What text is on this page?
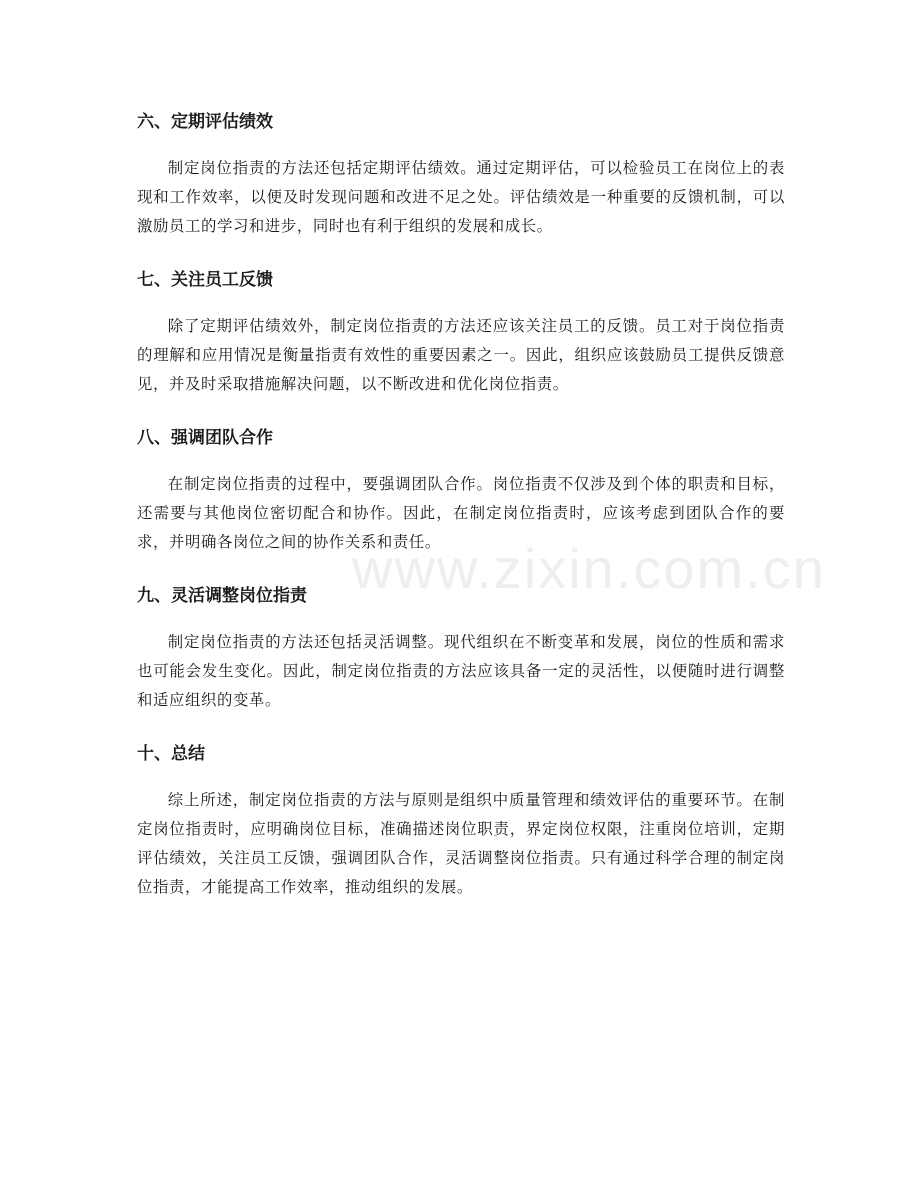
六、定期评估绩效

制定岗位指责的方法还包括定期评估绩效。通过定期评估，可以检验员工在岗位上的表现和工作效率，以便及时发现问题和改进不足之处。评估绩效是一种重要的反馈机制，可以激励员工的学习和进步，同时也有利于组织的发展和成长。

七、关注员工反馈

除了定期评估绩效外，制定岗位指责的方法还应该关注员工的反馈。员工对于岗位指责的理解和应用情况是衡量指责有效性的重要因素之一。因此，组织应该鼓励员工提供反馈意见，并及时采取措施解决问题，以不断改进和优化岗位指责。

八、强调团队合作

在制定岗位指责的过程中，要强调团队合作。岗位指责不仅涉及到个体的职责和目标，还需要与其他岗位密切配合和协作。因此，在制定岗位指责时，应该考虑到团队合作的要求，并明确各岗位之间的协作关系和责任。

九、灵活调整岗位指责

制定岗位指责的方法还包括灵活调整。现代组织在不断变革和发展，岗位的性质和需求也可能会发生变化。因此，制定岗位指责的方法应该具备一定的灵活性，以便随时进行调整和适应组织的变革。

十、总结

综上所述，制定岗位指责的方法与原则是组织中质量管理和绩效评估的重要环节。在制定岗位指责时，应明确岗位目标，准确描述岗位职责，界定岗位权限，注重岗位培训，定期评估绩效，关注员工反馈，强调团队合作，灵活调整岗位指责。只有通过科学合理的制定岗位指责，才能提高工作效率，推动组织的发展。

www.zixin.com.cn
